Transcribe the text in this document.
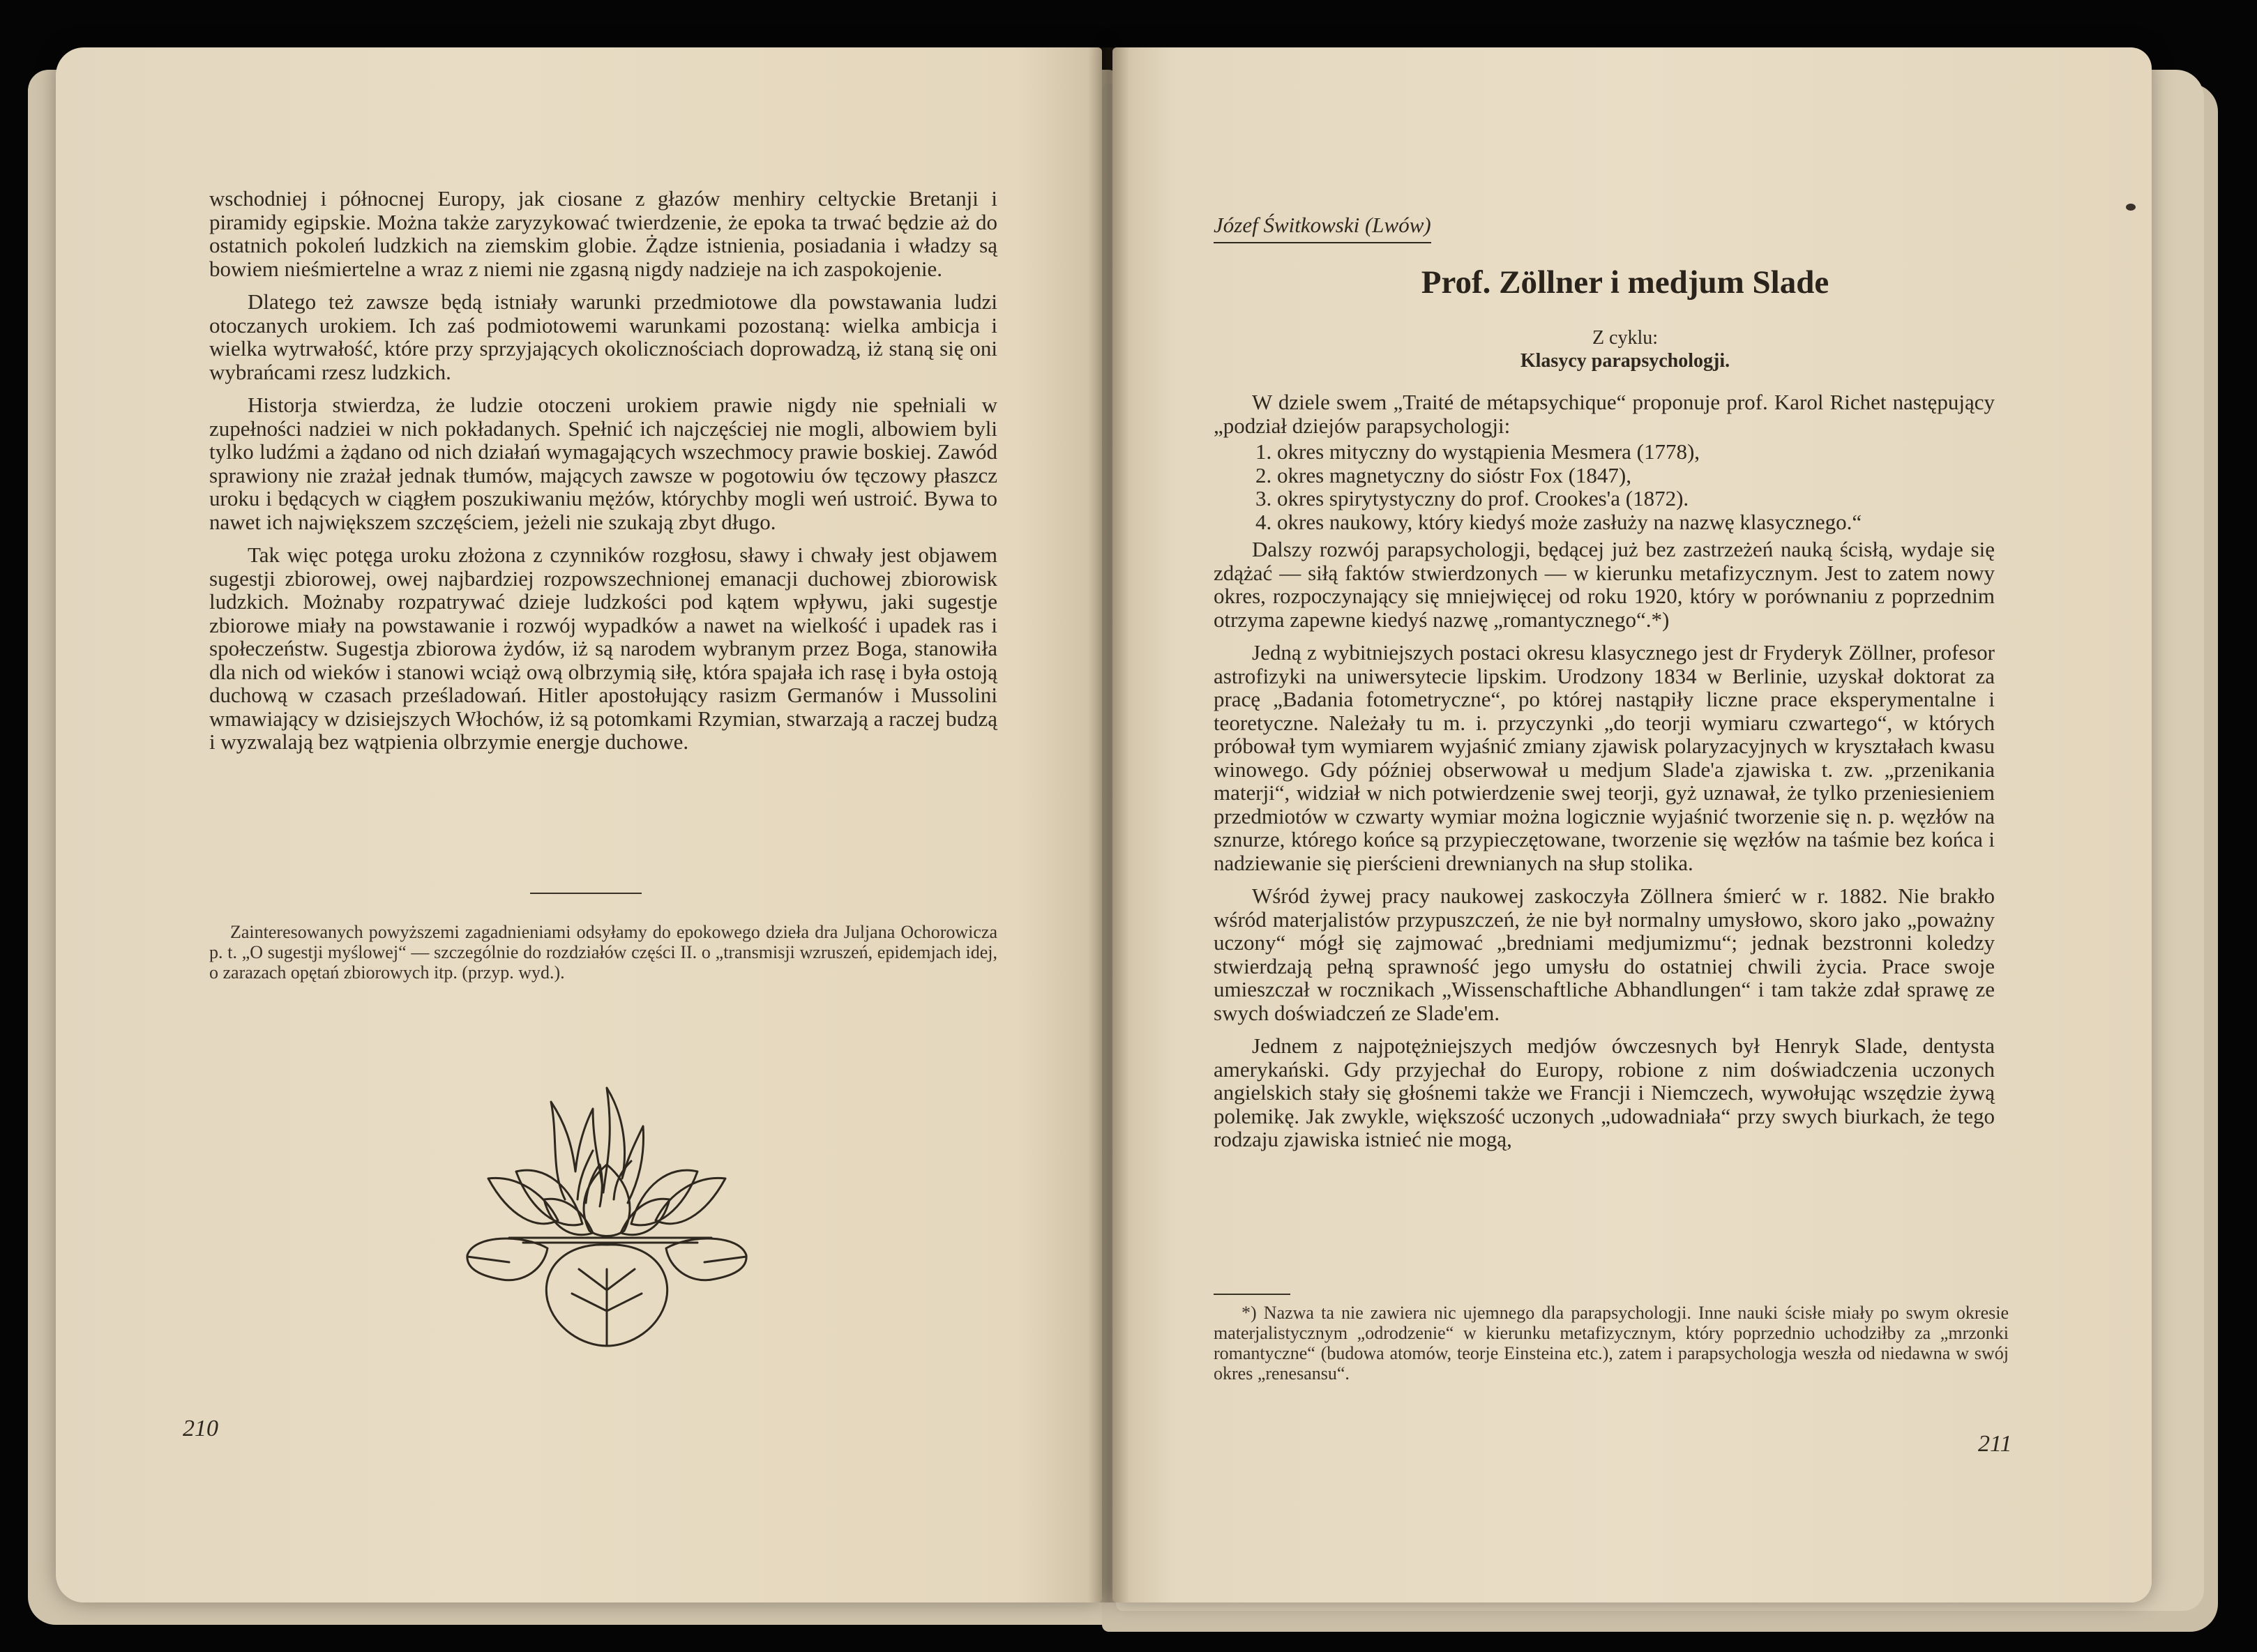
wschodniej i północnej Europy, jak ciosane z głazów menhiry celtyckie Bretanji i piramidy egipskie. Można także zaryzykować twierdzenie, że epoka ta trwać będzie aż do ostatnich pokoleń ludzkich na ziemskim globie. Żądze istnienia, posiadania i władzy są bowiem nieśmiertelne a wraz z niemi nie zgasną nigdy nadzieje na ich zaspokojenie.

Dlatego też zawsze będą istniały warunki przedmiotowe dla powstawania ludzi otoczanych urokiem. Ich zaś podmiotowemi warunkami pozostaną: wielka ambicja i wielka wytrwałość, które przy sprzyjających okolicznościach doprowadzą, iż staną się oni wybrańcami rzesz ludzkich.

Historja stwierdza, że ludzie otoczeni urokiem prawie nigdy nie spełniali w zupełności nadziei w nich pokładanych. Spełnić ich najczęściej nie mogli, albowiem byli tylko ludźmi a żądano od nich działań wymagających wszechmocy prawie boskiej. Zawód sprawiony nie zrażał jednak tłumów, mających zawsze w pogotowiu ów tęczowy płaszcz uroku i będących w ciągłem poszukiwaniu mężów, którychby mogli weń ustroić. Bywa to nawet ich największem szczęściem, jeżeli nie szukają zbyt długo.

Tak więc potęga uroku złożona z czynników rozgłosu, sławy i chwały jest objawem sugestji zbiorowej, owej najbardziej rozpowszechnionej emanacji duchowej zbiorowisk ludzkich. Możnaby rozpatrywać dzieje ludzkości pod kątem wpływu, jaki sugestje zbiorowe miały na powstawanie i rozwój wypadków a nawet na wielkość i upadek ras i społeczeństw. Sugestja zbiorowa żydów, iż są narodem wybranym przez Boga, stanowiła dla nich od wieków i stanowi wciąż ową olbrzymią siłę, która spajała ich rasę i była ostoją duchową w czasach prześladowań. Hitler apostołujący rasizm Germanów i Mussolini wmawiający w dzisiejszych Włochów, iż są potomkami Rzymian, stwarzają a raczej budzą i wyzwalają bez wątpienia olbrzymie energje duchowe.

Zainteresowanych powyższemi zagadnieniami odsyłamy do epokowego dzieła dra Juljana Ochorowicza p. t. „O sugestji myślowej“ — szczególnie do rozdziałów części II. o „transmisji wzruszeń, epidemjach idej, o zarazach opętań zbiorowych itp. (przyp. wyd.).

210

Józef Świtkowski (Lwów)

Prof. Zöllner i medjum Slade
Z cyklu:
Klasycy parapsychologji.

W dziele swem „Traité de métapsychique“ proponuje prof. Karol Richet następujący „podział dziejów parapsychologji:

1. okres mityczny do wystąpienia Mesmera (1778),
2. okres magnetyczny do sióstr Fox (1847),
3. okres spirytystyczny do prof. Crookes'a (1872).
4. okres naukowy, który kiedyś może zasłuży na nazwę klasycznego.“

Dalszy rozwój parapsychologji, będącej już bez zastrzeżeń nauką ścisłą, wydaje się zdążać — siłą faktów stwierdzonych — w kierunku metafizycznym. Jest to zatem nowy okres, rozpoczynający się mniejwięcej od roku 1920, który w porównaniu z poprzednim otrzyma zapewne kiedyś nazwę „romantycznego“.*)

Jedną z wybitniejszych postaci okresu klasycznego jest dr Fryderyk Zöllner, profesor astrofizyki na uniwersytecie lipskim. Urodzony 1834 w Berlinie, uzyskał doktorat za pracę „Badania fotometryczne“, po której nastąpiły liczne prace eksperymentalne i teoretyczne. Należały tu m. i. przyczynki „do teorji wymiaru czwartego“, w których próbował tym wymiarem wyjaśnić zmiany zjawisk polaryzacyjnych w kryształach kwasu winowego. Gdy później obserwował u medjum Slade'a zjawiska t. zw. „przenikania materji“, widział w nich potwierdzenie swej teorji, gyż uznawał, że tylko przeniesieniem przedmiotów w czwarty wymiar można logicznie wyjaśnić tworzenie się n. p. węzłów na sznurze, którego końce są przypieczętowane, tworzenie się węzłów na taśmie bez końca i nadziewanie się pierścieni drewnianych na słup stolika.

Wśród żywej pracy naukowej zaskoczyła Zöllnera śmierć w r. 1882. Nie brakło wśród materjalistów przypuszczeń, że nie był normalny umysłowo, skoro jako „poważny uczony“ mógł się zajmować „bredniami medjumizmu“; jednak bezstronni koledzy stwierdzają pełną sprawność jego umysłu do ostatniej chwili życia. Prace swoje umieszczał w rocznikach „Wissenschaftliche Abhandlungen“ i tam także zdał sprawę ze swych doświadczeń ze Slade'em.

Jednem z najpotężniejszych medjów ówczesnych był Henryk Slade, dentysta amerykański. Gdy przyjechał do Europy, robione z nim doświadczenia uczonych angielskich stały się głośnemi także we Francji i Niemczech, wywołując wszędzie żywą polemikę. Jak zwykle, większość uczonych „udowadniała“ przy swych biurkach, że tego rodzaju zjawiska istnieć nie mogą,

*) Nazwa ta nie zawiera nic ujemnego dla parapsychologji. Inne nauki ścisłe miały po swym okresie materjalistycznym „odrodzenie“ w kierunku metafizycznym, który poprzednio uchodziłby za „mrzonki romantyczne“ (budowa atomów, teorje Einsteina etc.), zatem i parapsychologja weszła od niedawna w swój okres „renesansu“.

211
